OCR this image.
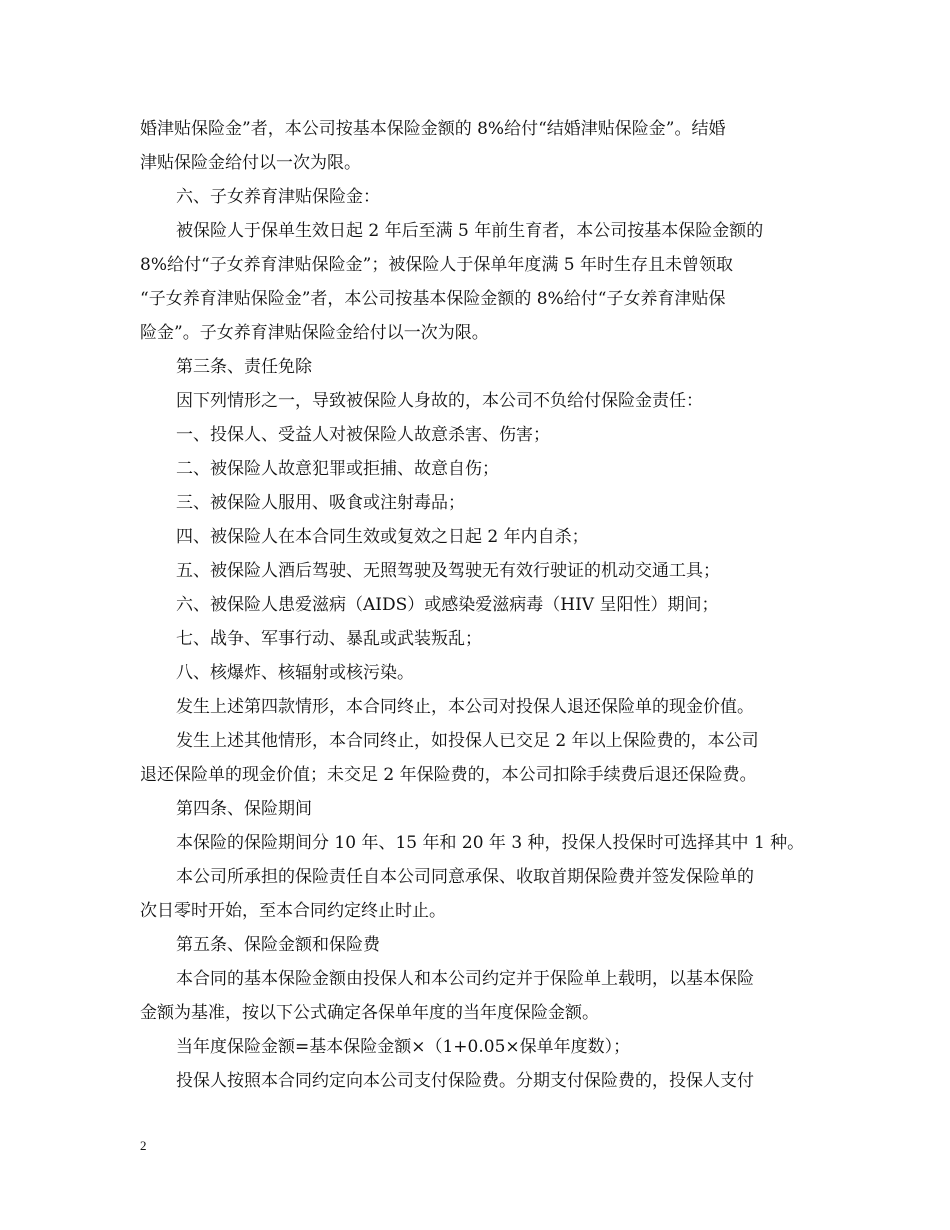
婚津贴保险金”者，本公司按基本保险金额的 8%给付“结婚津贴保险金”。结婚
津贴保险金给付以一次为限。
六、子女养育津贴保险金：
被保险人于保单生效日起 2 年后至满 5 年前生育者，本公司按基本保险金额的
8%给付“子女养育津贴保险金”；被保险人于保单年度满 5 年时生存且未曾领取
“子女养育津贴保险金”者，本公司按基本保险金额的 8%给付“子女养育津贴保
险金”。子女养育津贴保险金给付以一次为限。
第三条、责任免除
因下列情形之一，导致被保险人身故的，本公司不负给付保险金责任：
一、投保人、受益人对被保险人故意杀害、伤害；
二、被保险人故意犯罪或拒捕、故意自伤；
三、被保险人服用、吸食或注射毒品；
四、被保险人在本合同生效或复效之日起 2 年内自杀；
五、被保险人酒后驾驶、无照驾驶及驾驶无有效行驶证的机动交通工具；
六、被保险人患爱滋病（AIDS）或感染爱滋病毒（HIV 呈阳性）期间；
七、战争、军事行动、暴乱或武装叛乱；
八、核爆炸、核辐射或核污染。
发生上述第四款情形，本合同终止，本公司对投保人退还保险单的现金价值。
发生上述其他情形，本合同终止，如投保人已交足 2 年以上保险费的，本公司
退还保险单的现金价值；未交足 2 年保险费的，本公司扣除手续费后退还保险费。
第四条、保险期间
本保险的保险期间分 10 年、15 年和 20 年 3 种，投保人投保时可选择其中 1 种。
本公司所承担的保险责任自本公司同意承保、收取首期保险费并签发保险单的
次日零时开始，至本合同约定终止时止。
第五条、保险金额和保险费
本合同的基本保险金额由投保人和本公司约定并于保险单上载明，以基本保险
金额为基准，按以下公式确定各保单年度的当年度保险金额。
当年度保险金额=基本保险金额×（1+0.05×保单年度数）；
投保人按照本合同约定向本公司支付保险费。分期支付保险费的，投保人支付
2
